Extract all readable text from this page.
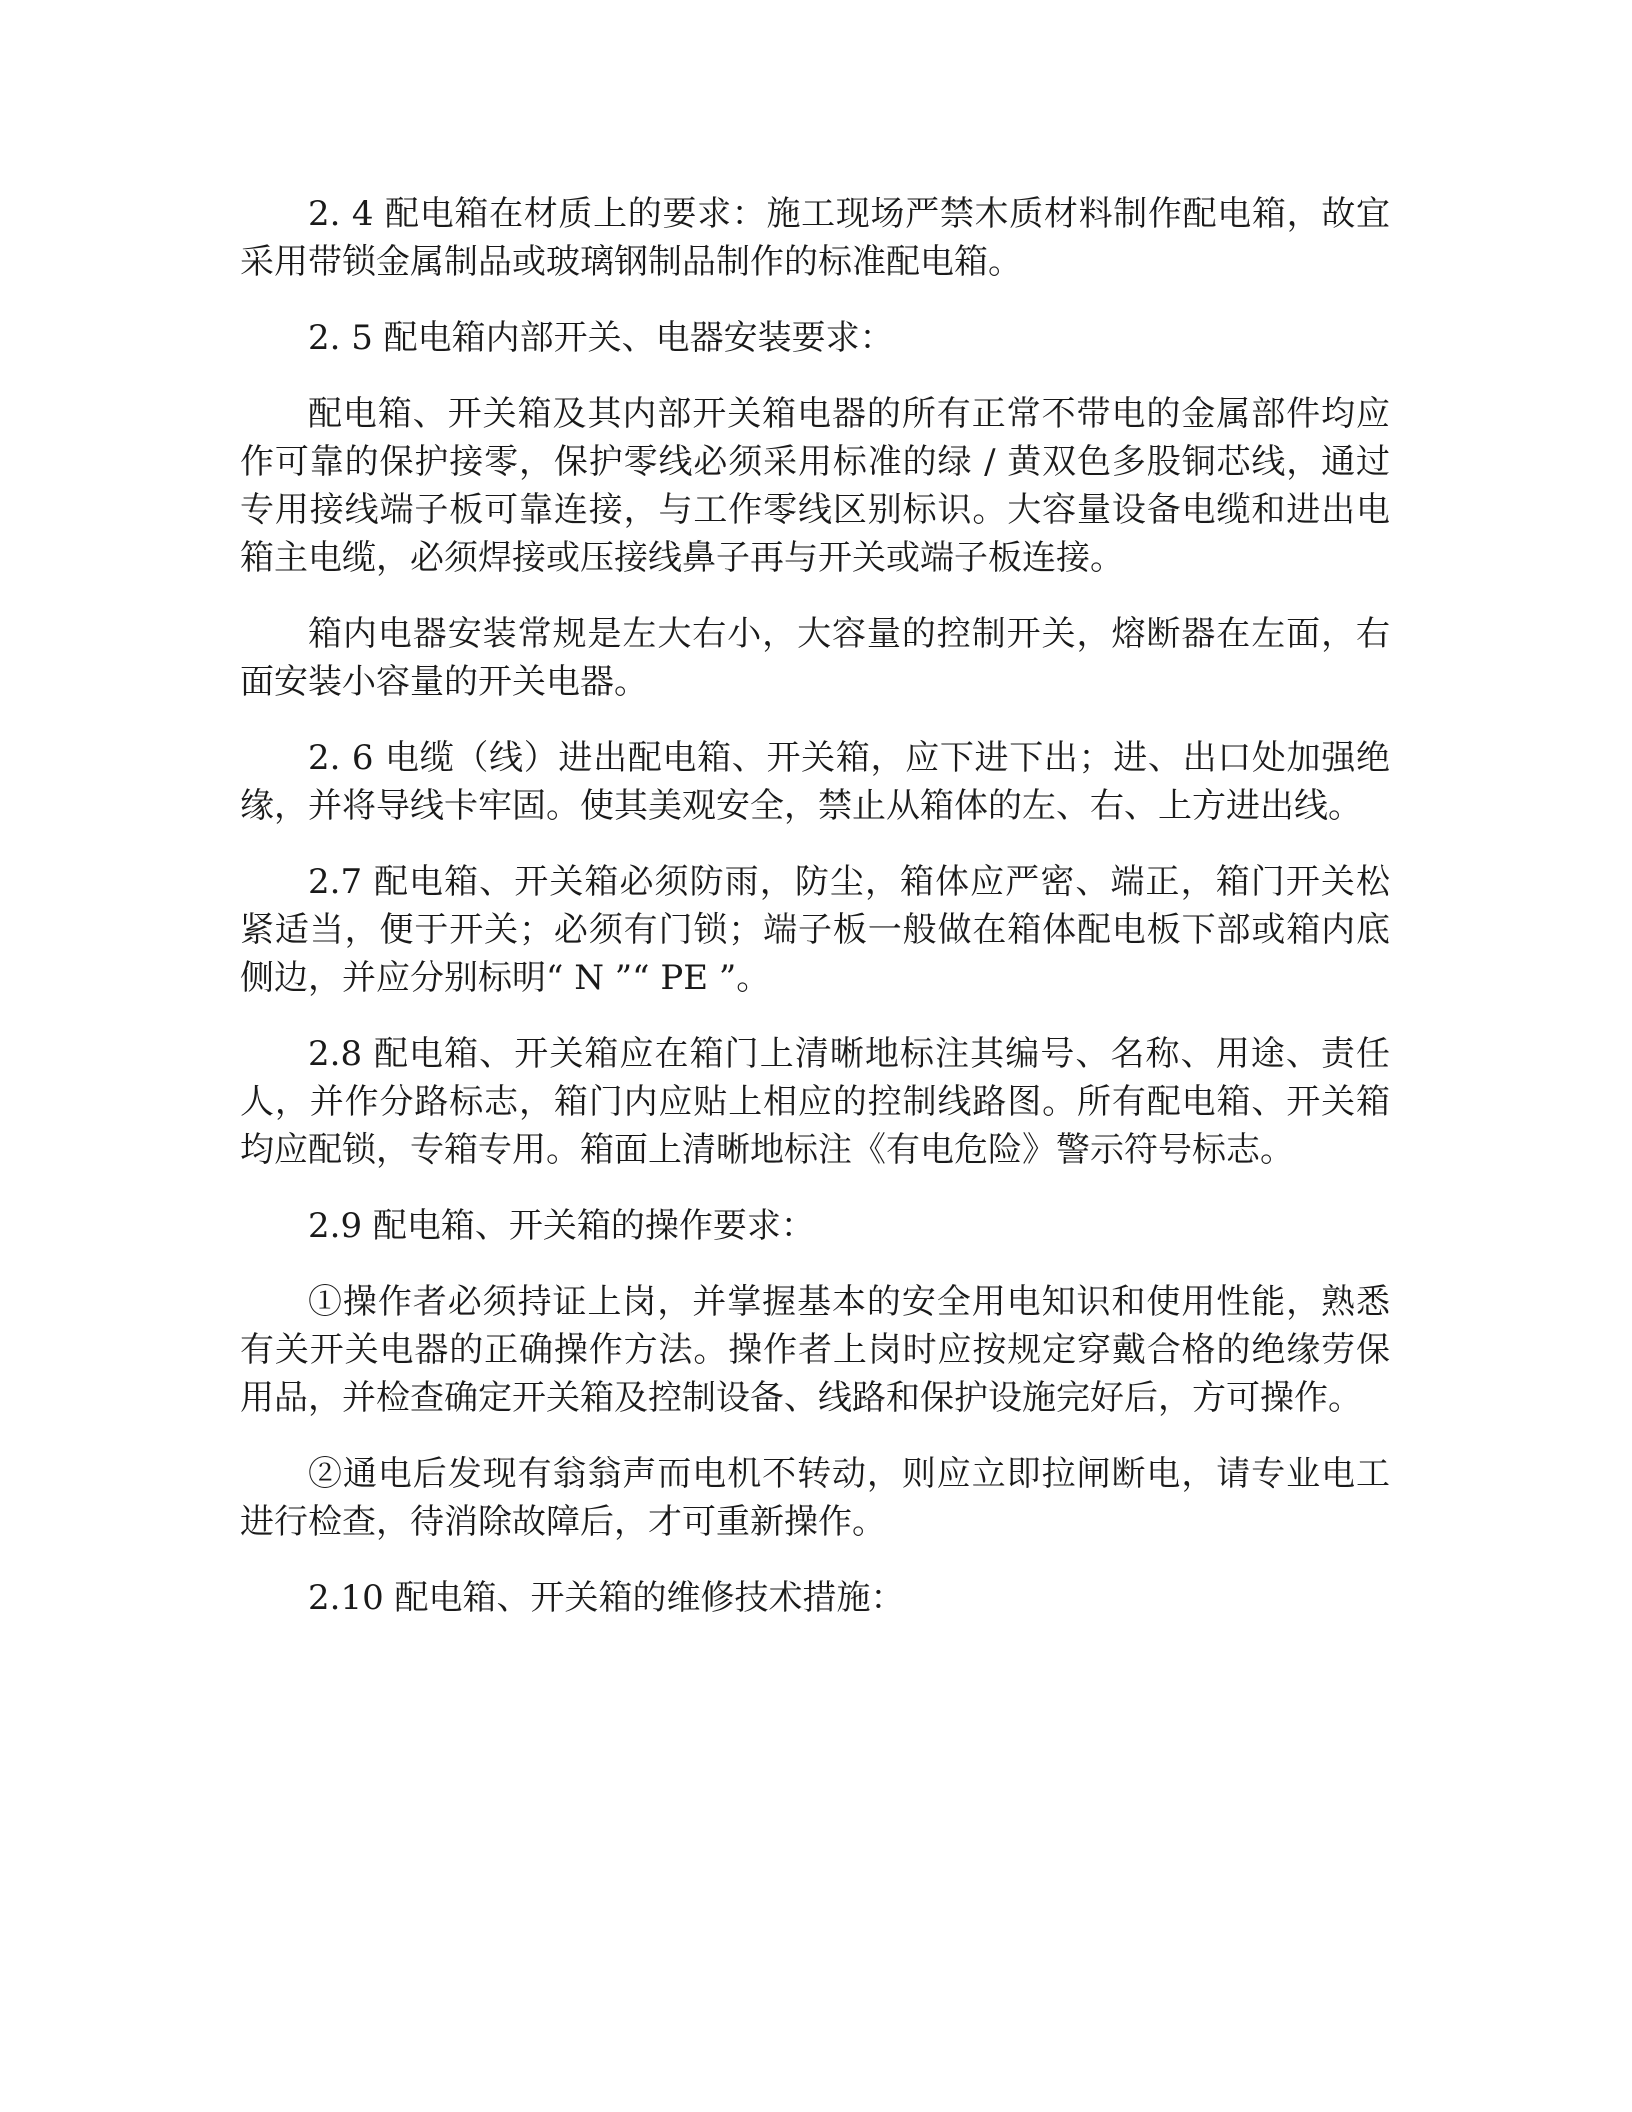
2. 4 配电箱在材质上的要求：施工现场严禁木质材料制作配电箱，故宜采用带锁金属制品或玻璃钢制品制作的标准配电箱。

2. 5 配电箱内部开关、电器安装要求：

配电箱、开关箱及其内部开关箱电器的所有正常不带电的金属部件均应作可靠的保护接零，保护零线必须采用标准的绿 / 黄双色多股铜芯线，通过专用接线端子板可靠连接，与工作零线区别标识。大容量设备电缆和进出电箱主电缆，必须焊接或压接线鼻子再与开关或端子板连接。

箱内电器安装常规是左大右小，大容量的控制开关，熔断器在左面，右面安装小容量的开关电器。

2. 6 电缆（线）进出配电箱、开关箱，应下进下出；进、出口处加强绝缘，并将导线卡牢固。使其美观安全，禁止从箱体的左、右、上方进出线。

2.7 配电箱、开关箱必须防雨，防尘，箱体应严密、端正，箱门开关松紧适当，便于开关；必须有门锁；端子板一般做在箱体配电板下部或箱内底侧边，并应分别标明“ N ”“ PE ”。

2.8 配电箱、开关箱应在箱门上清晰地标注其编号、名称、用途、责任人，并作分路标志，箱门内应贴上相应的控制线路图。所有配电箱、开关箱均应配锁，专箱专用。箱面上清晰地标注《有电危险》警示符号标志。

2.9 配电箱、开关箱的操作要求：

①操作者必须持证上岗，并掌握基本的安全用电知识和使用性能，熟悉有关开关电器的正确操作方法。操作者上岗时应按规定穿戴合格的绝缘劳保用品，并检查确定开关箱及控制设备、线路和保护设施完好后，方可操作。

②通电后发现有翁翁声而电机不转动，则应立即拉闸断电，请专业电工进行检查，待消除故障后，才可重新操作。

2.10 配电箱、开关箱的维修技术措施：
